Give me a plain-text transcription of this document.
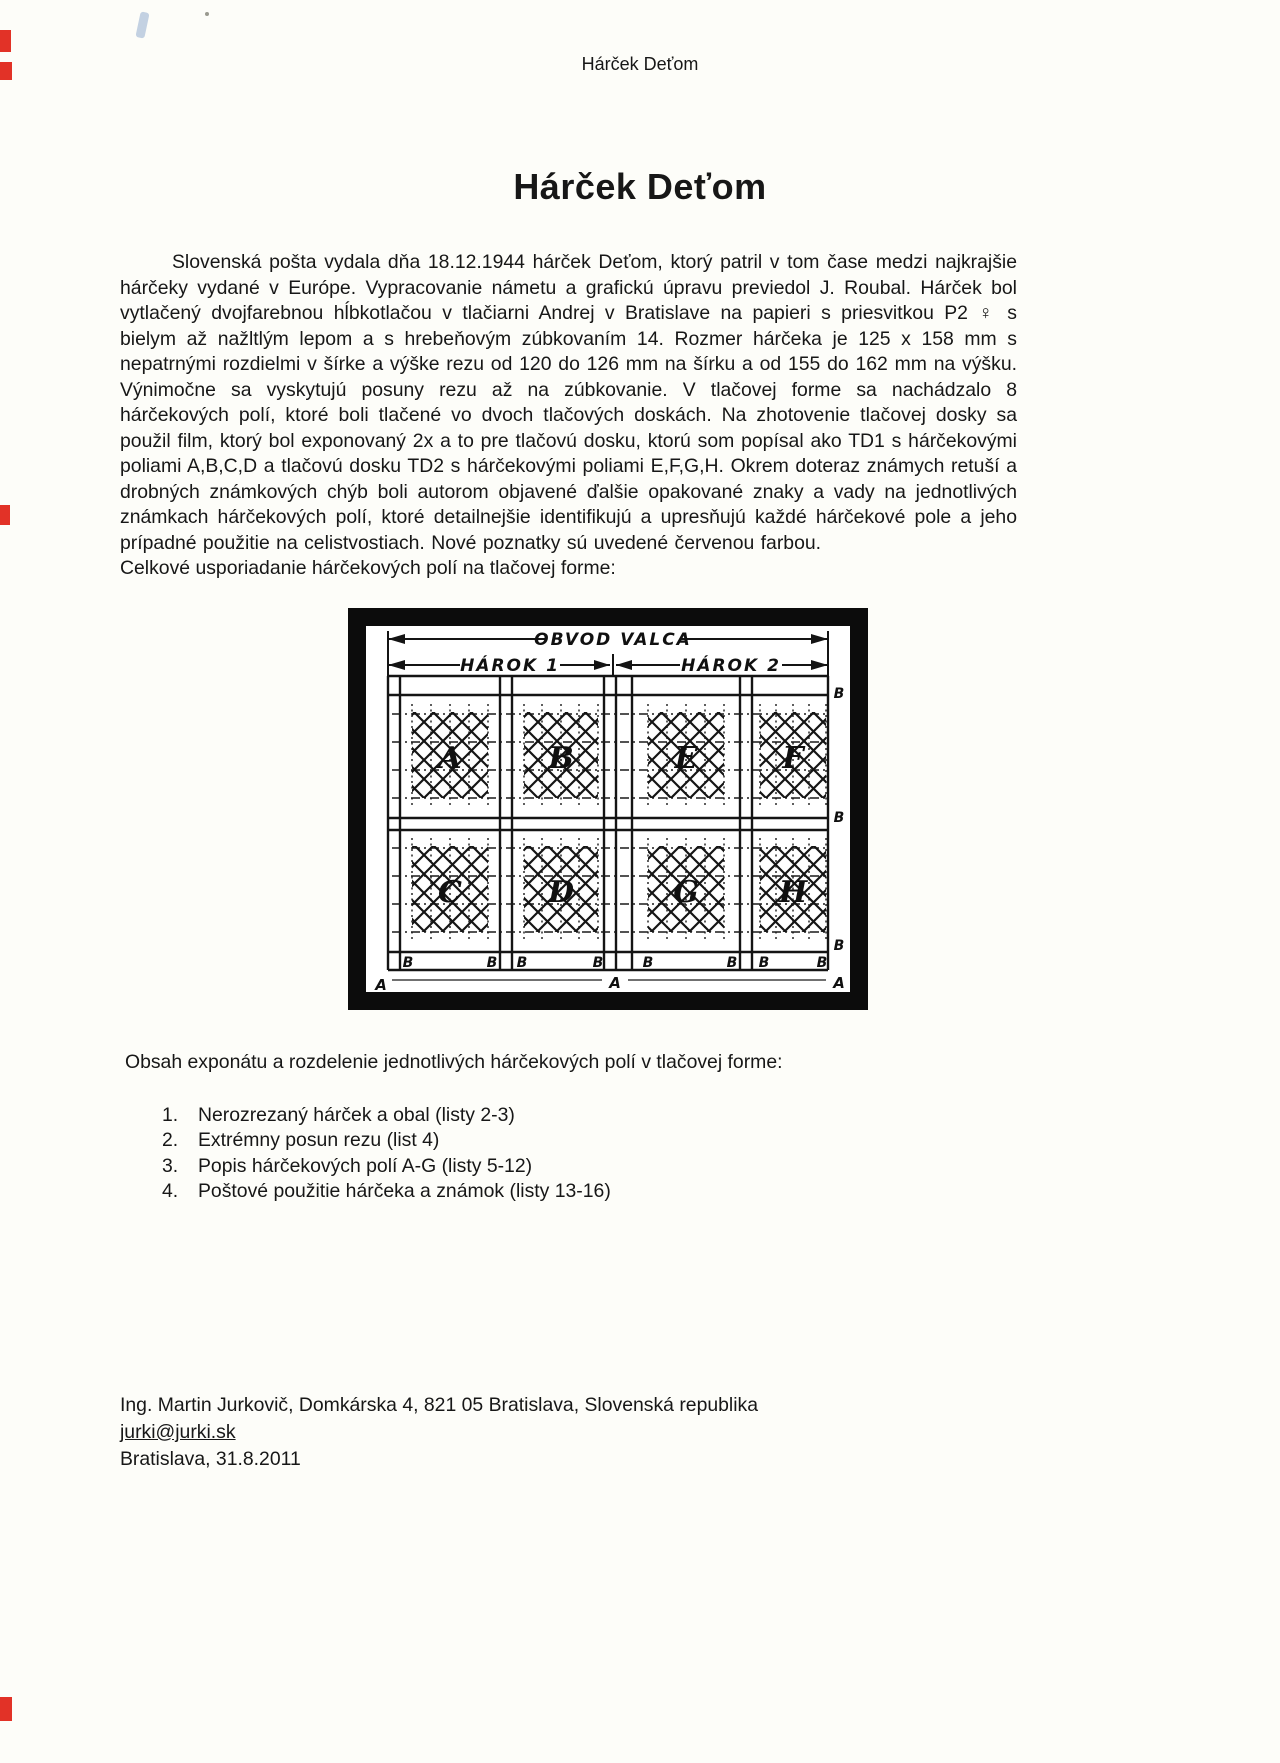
Hárček Deťom
Hárček Deťom

Slovenská pošta vydala dňa 18.12.1944 hárček Deťom, ktorý patril v tom čase medzi najkrajšie hárčeky vydané v Európe. Vypracovanie námetu a grafickú úpravu previedol J. Roubal. Hárček bol vytlačený dvojfarebnou hĺbkotlačou v tlačiarni Andrej v Bratislave na papieri s priesvitkou P2 ♀ s bielym až nažltlým lepom a s hrebeňovým zúbkovaním 14. Rozmer hárčeka je 125 x 158 mm s nepatrnými rozdielmi v šírke a výške rezu od 120 do 126 mm na šírku a od 155 do 162 mm na výšku. Výnimočne sa vyskytujú posuny rezu až na zúbkovanie. V tlačovej forme sa nachádzalo 8 hárčekových polí, ktoré boli tlačené vo dvoch tlačových doskách. Na zhotovenie tlačovej dosky sa použil film, ktorý bol exponovaný 2x a to pre tlačovú dosku, ktorú som popísal ako TD1 s hárčekovými poliami A,B,C,D a tlačovú dosku TD2 s hárčekovými poliami E,F,G,H. Okrem doteraz známych retuší a drobných známkových chýb boli autorom objavené ďalšie opakované znaky a vady na jednotlivých známkach hárčekových polí, ktoré detailnejšie identifikujú a upresňujú každé hárčekové pole a jeho prípadné použitie na celistvostiach. Nové poznatky sú uvedené červenou farbou.

Celkové usporiadanie hárčekových polí na tlačovej forme:

OBVOD VALCA
HÁROK 1	HÁROK 2
A	B	E	F
C	D	G	H
B	B B	B	B	B B	B
B
B
B
A	A	A
Obsah exponátu a rozdelenie jednotlivých hárčekových polí v tlačovej forme:
1.	Nerozrezaný hárček a obal (listy 2-3)
2.	Extrémny posun rezu (list 4)
3.	Popis hárčekových polí A-G (listy 5-12)
4.	Poštové použitie hárčeka a známok (listy 13-16)
Ing. Martin Jurkovič, Domkárska 4, 821 05 Bratislava, Slovenská republika
jurki@jurki.sk
Bratislava, 31.8.2011
